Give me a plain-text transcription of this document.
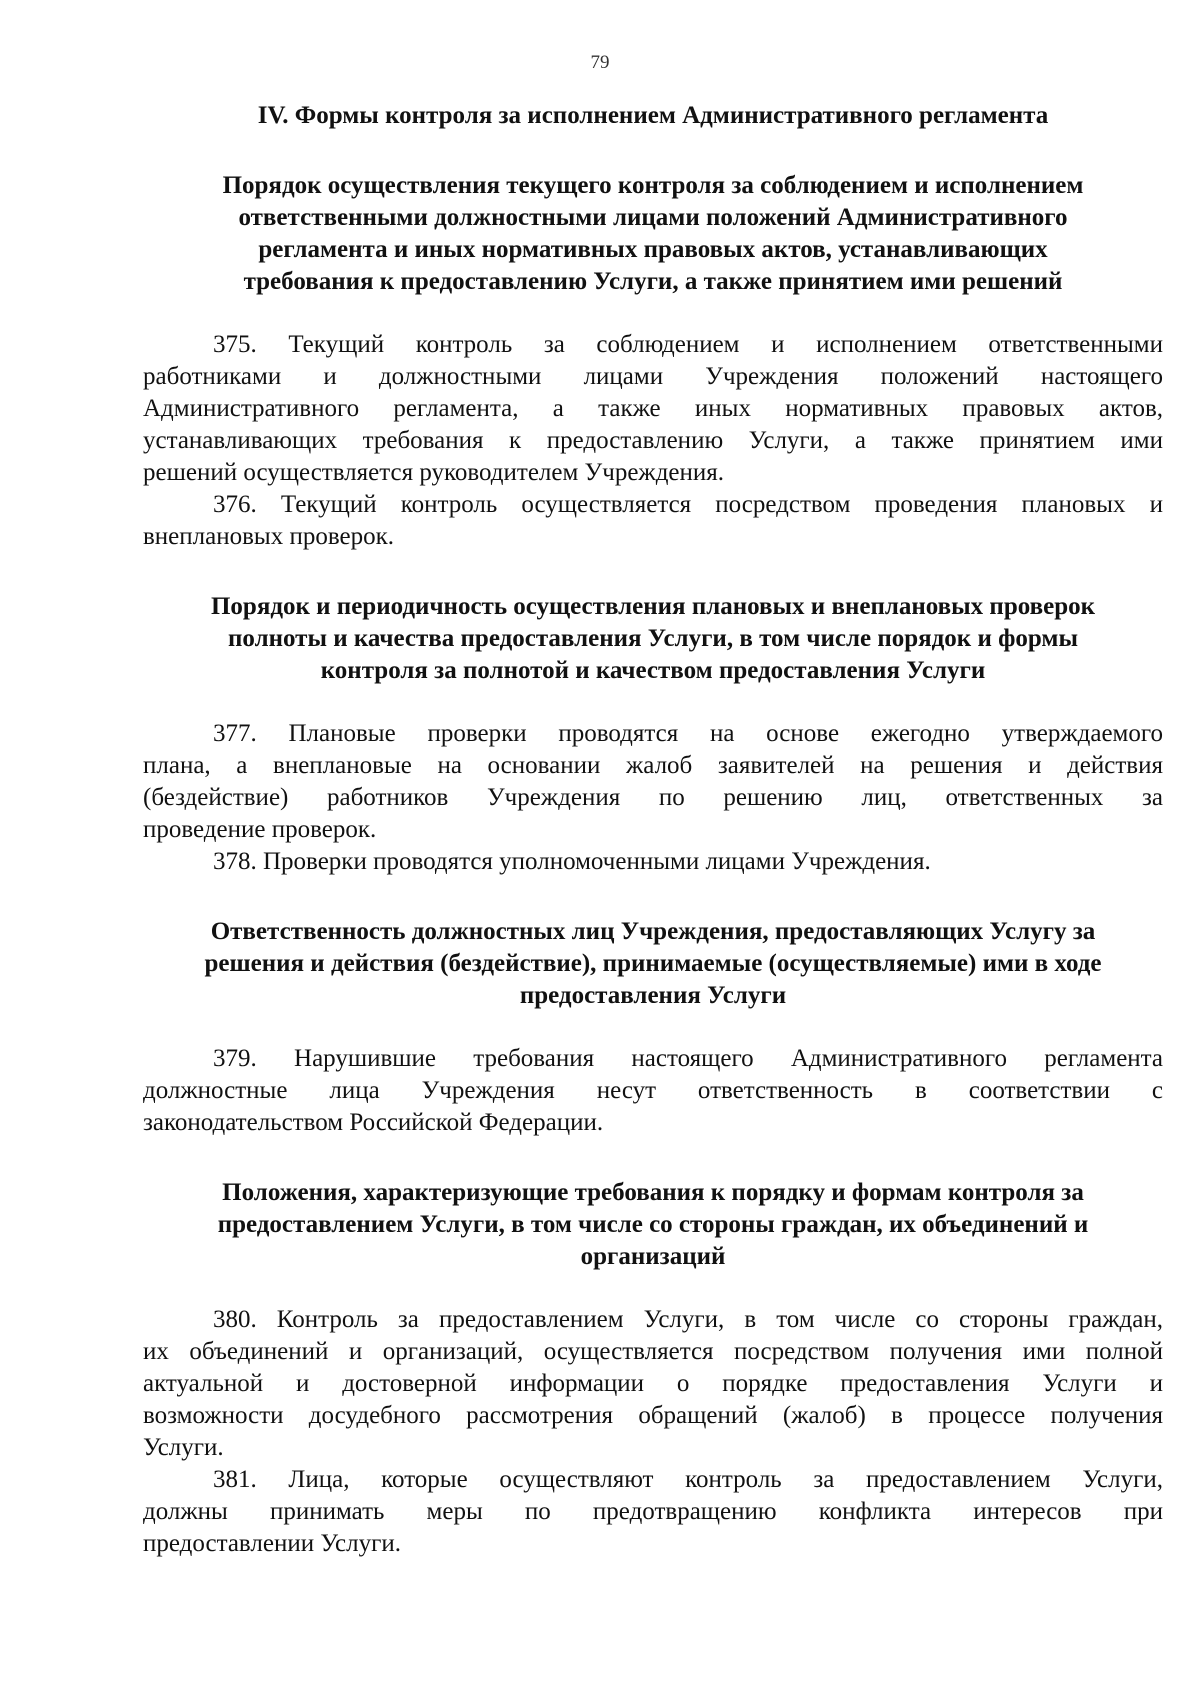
79
IV. Формы контроля за исполнением Административного регламента
Порядок осуществления текущего контроля за соблюдением и исполнением
ответственными должностными лицами положений Административного
регламента и иных нормативных правовых актов, устанавливающих
требования к предоставлению Услуги, а также принятием ими решений
375. Текущий контроль за соблюдением и исполнением ответственными
работниками и должностными лицами Учреждения положений настоящего
Административного регламента, а также иных нормативных правовых актов,
устанавливающих требования к предоставлению Услуги, а также принятием ими
решений осуществляется руководителем Учреждения.
376. Текущий контроль осуществляется посредством проведения плановых и
внеплановых проверок.
Порядок и периодичность осуществления плановых и внеплановых проверок
полноты и качества предоставления Услуги, в том числе порядок и формы
контроля за полнотой и качеством предоставления Услуги
377. Плановые проверки проводятся на основе ежегодно утверждаемого
плана, а внеплановые на основании жалоб заявителей на решения и действия
(бездействие) работников Учреждения по решению лиц, ответственных за
проведение проверок.
378. Проверки проводятся уполномоченными лицами Учреждения.
Ответственность должностных лиц Учреждения, предоставляющих Услугу за
решения и действия (бездействие), принимаемые (осуществляемые) ими в ходе
предоставления Услуги
379. Нарушившие требования настоящего Административного регламента
должностные лица Учреждения несут ответственность в соответствии с
законодательством Российской Федерации.
Положения, характеризующие требования к порядку и формам контроля за
предоставлением Услуги, в том числе со стороны граждан, их объединений и
организаций
380. Контроль за предоставлением Услуги, в том числе со стороны граждан,
их объединений и организаций, осуществляется посредством получения ими полной
актуальной и достоверной информации о порядке предоставления Услуги и
возможности досудебного рассмотрения обращений (жалоб) в процессе получения
Услуги.
381. Лица, которые осуществляют контроль за предоставлением Услуги,
должны принимать меры по предотвращению конфликта интересов при
предоставлении Услуги.
